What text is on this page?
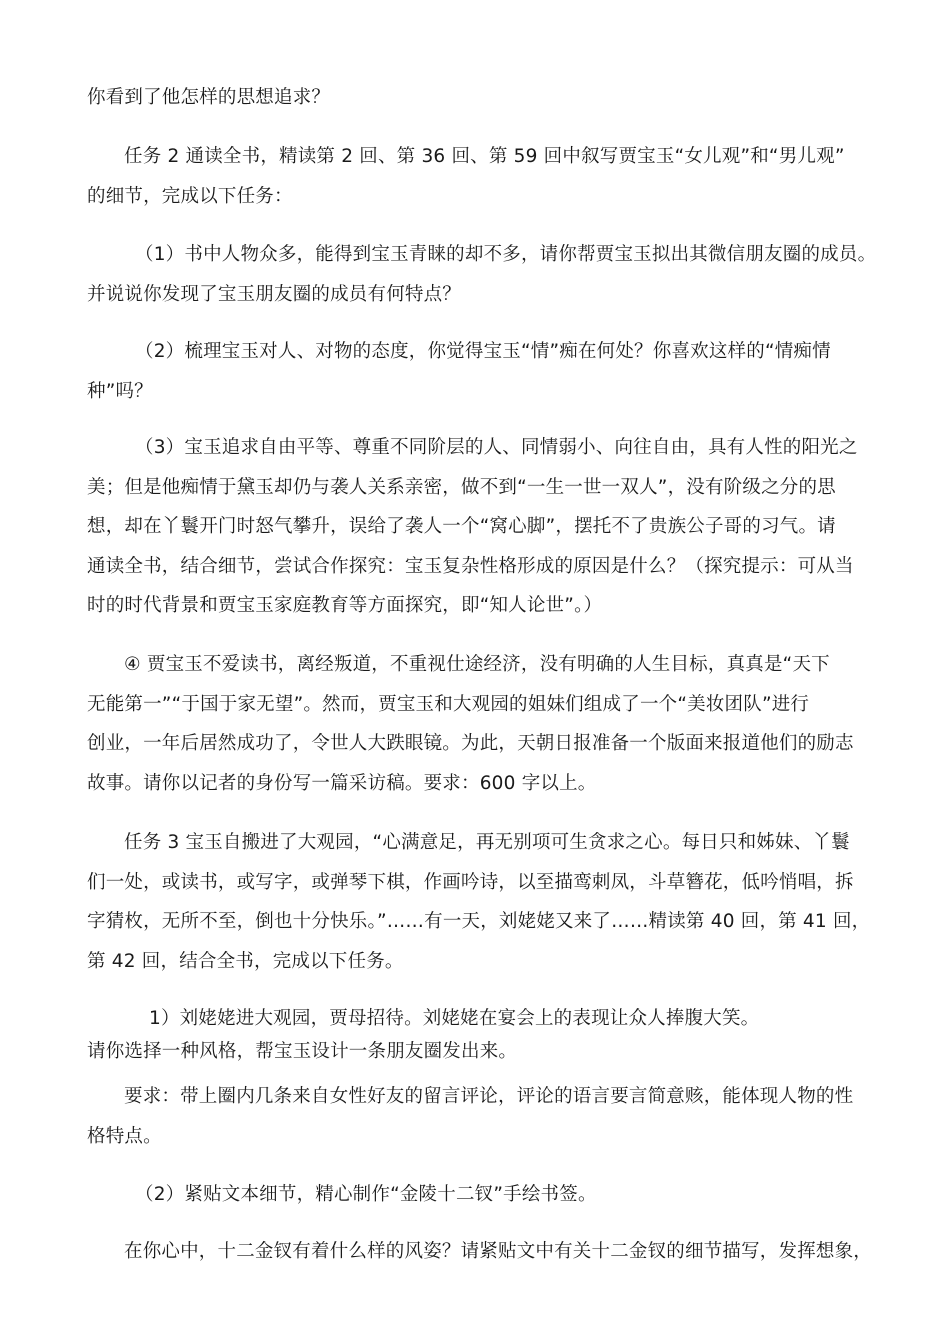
你看到了他怎样的思想追求？

任务 2 通读全书，精读第 2 回、第 36 回、第 59 回中叙写贾宝玉“女儿观”和“男儿观”
的细节，完成以下任务：

（1）书中人物众多，能得到宝玉青睐的却不多，请你帮贾宝玉拟出其微信朋友圈的成员。
并说说你发现了宝玉朋友圈的成员有何特点？

（2）梳理宝玉对人、对物的态度，你觉得宝玉“情”痴在何处？你喜欢这样的“情痴情
种”吗？

（3）宝玉追求自由平等、尊重不同阶层的人、同情弱小、向往自由，具有人性的阳光之
美；但是他痴情于黛玉却仍与袭人关系亲密，做不到“一生一世一双人”，没有阶级之分的思
想，却在丫鬟开门时怒气攀升，误给了袭人一个“窝心脚”，摆托不了贵族公子哥的习气。请
通读全书，结合细节，尝试合作探究：宝玉复杂性格形成的原因是什么？（探究提示：可从当
时的时代背景和贾宝玉家庭教育等方面探究，即“知人论世”。）

④ 贾宝玉不爱读书，离经叛道，不重视仕途经济，没有明确的人生目标，真真是“天下
无能第一”“于国于家无望”。然而，贾宝玉和大观园的姐妹们组成了一个“美妆团队”进行
创业，一年后居然成功了，令世人大跌眼镜。为此，天朝日报准备一个版面来报道他们的励志
故事。请你以记者的身份写一篇采访稿。要求：600 字以上。

任务 3 宝玉自搬进了大观园，“心满意足，再无别项可生贪求之心。每日只和姊妹、丫鬟
们一处，或读书，或写字，或弹琴下棋，作画吟诗，以至描鸾刺凤，斗草簪花，低吟悄唱，拆
字猜枚，无所不至，倒也十分快乐。”……有一天，刘姥姥又来了……精读第 40 回，第 41 回，
第 42 回，结合全书，完成以下任务。

1）刘姥姥进大观园，贾母招待。刘姥姥在宴会上的表现让众人捧腹大笑。
请你选择一种风格，帮宝玉设计一条朋友圈发出来。

要求：带上圈内几条来自女性好友的留言评论，评论的语言要言简意赅，能体现人物的性
格特点。

（2）紧贴文本细节，精心制作“金陵十二钗”手绘书签。

在你心中，十二金钗有着什么样的风姿？请紧贴文中有关十二金钗的细节描写，发挥想象，
